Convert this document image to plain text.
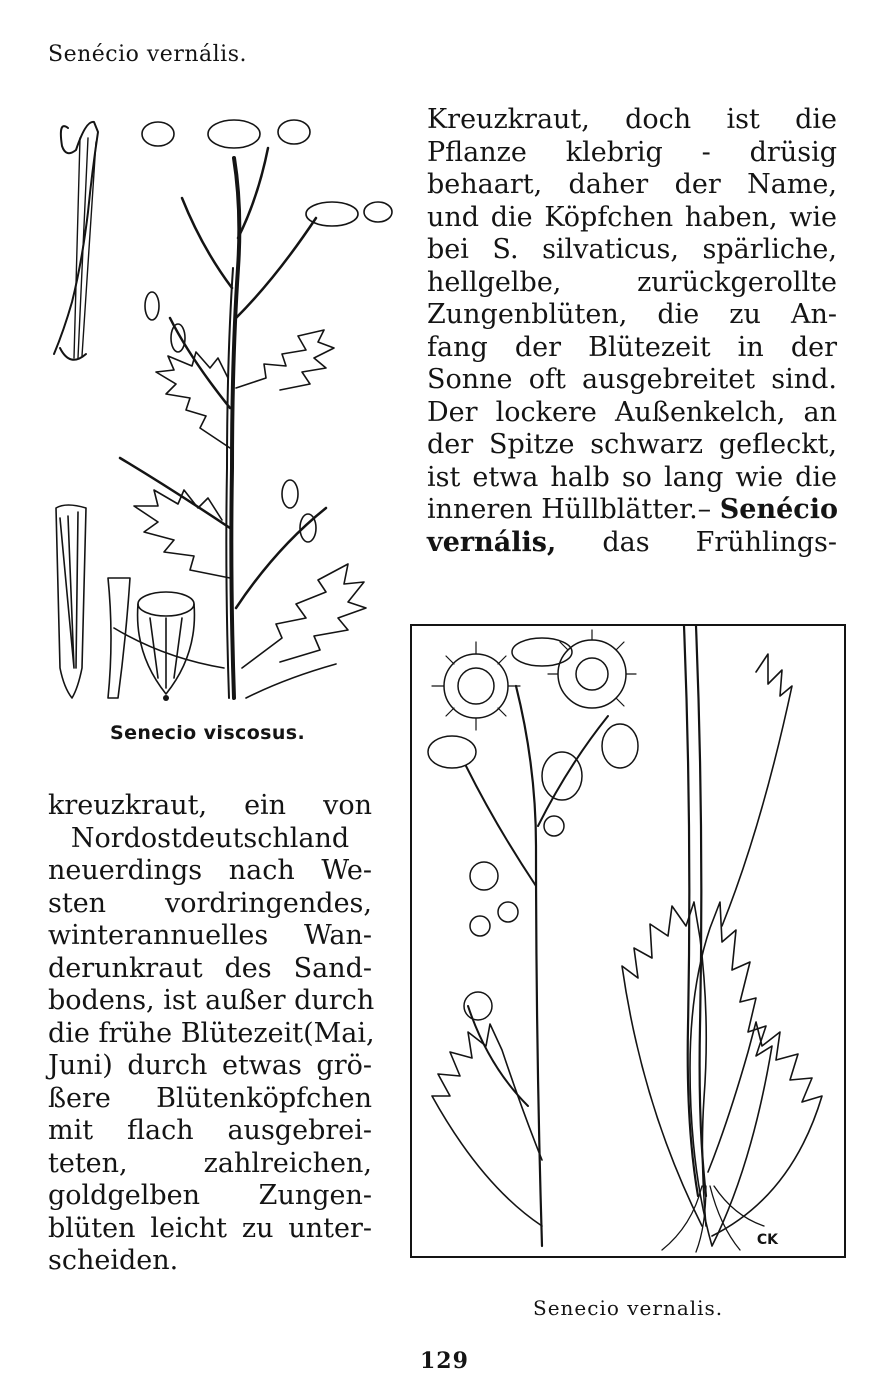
Senécio vernális.
Kreuzkraut, doch ist die
Pflanze klebrig - drüsig
behaart, daher der Name,
und die Köpfchen haben, wie
bei S. silvaticus, spärliche,
hellgelbe, zurückgerollte
Zungenblüten, die zu An-
fang der Blütezeit in der
Sonne oft ausgebreitet sind.
Der lockere Außenkelch, an
der Spitze schwarz gefleckt,
ist etwa halb so lang wie die
inneren Hüllblätter.– Senécio
vernális, das Frühlings-
kreuzkraut, ein von
Nordostdeutschland
neuerdings nach We-
sten vordringendes,
winterannuelles Wan-
derunkraut des Sand-
bodens, ist außer durch
die frühe Blütezeit(Mai,
Juni) durch etwas grö-
ßere Blütenköpfchen
mit flach ausgebrei-
teten, zahlreichen,
goldgelben Zungen-
blüten leicht zu unter-
scheiden.
Senecio viscosus.
CK
Senecio vernalis.
129
